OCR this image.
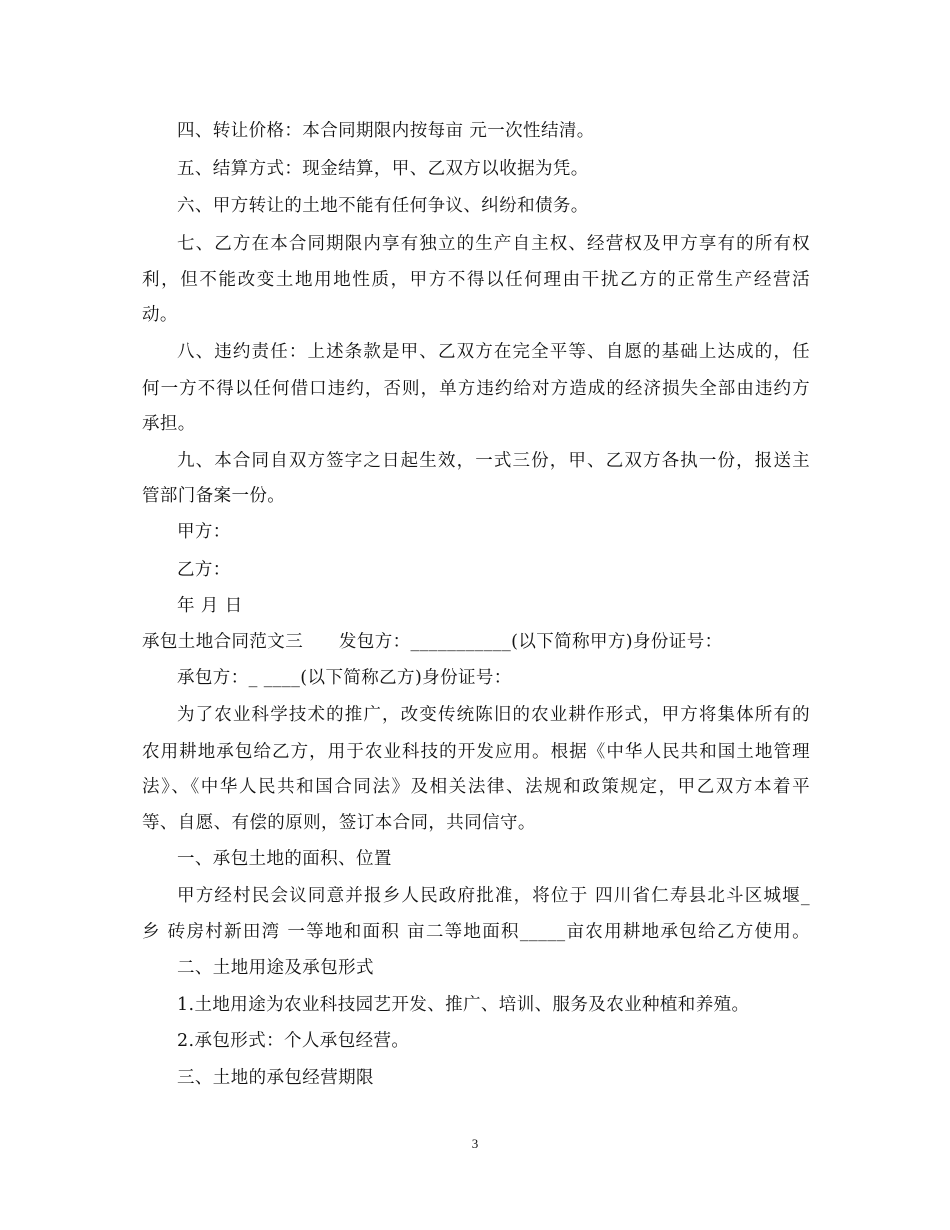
四、转让价格：本合同期限内按每亩 元一次性结清。
五、结算方式：现金结算，甲、乙双方以收据为凭。
六、甲方转让的土地不能有任何争议、纠纷和债务。
七、乙方在本合同期限内享有独立的生产自主权、经营权及甲方享有的所有权
利，但不能改变土地用地性质，甲方不得以任何理由干扰乙方的正常生产经营活
动。
八、违约责任：上述条款是甲、乙双方在完全平等、自愿的基础上达成的，任
何一方不得以任何借口违约，否则，单方违约给对方造成的经济损失全部由违约方
承担。
九、本合同自双方签字之日起生效，一式三份，甲、乙双方各执一份，报送主
管部门备案一份。
甲方：
乙方：
年 月 日
承包土地合同范文三　　发包方：___________(以下简称甲方)身份证号：
承包方：_ ____(以下简称乙方)身份证号：
为了农业科学技术的推广，改变传统陈旧的农业耕作形式，甲方将集体所有的
农用耕地承包给乙方，用于农业科技的开发应用。根据《中华人民共和国土地管理
法》、《中华人民共和国合同法》及相关法律、法规和政策规定，甲乙双方本着平
等、自愿、有偿的原则，签订本合同，共同信守。
一、承包土地的面积、位置
甲方经村民会议同意并报乡人民政府批准，将位于 四川省仁寿县北斗区城堰_
乡 砖房村新田湾 一等地和面积 亩二等地面积_____亩农用耕地承包给乙方使用。
二、土地用途及承包形式
1.土地用途为农业科技园艺开发、推广、培训、服务及农业种植和养殖。
2.承包形式：个人承包经营。
三、土地的承包经营期限
3
